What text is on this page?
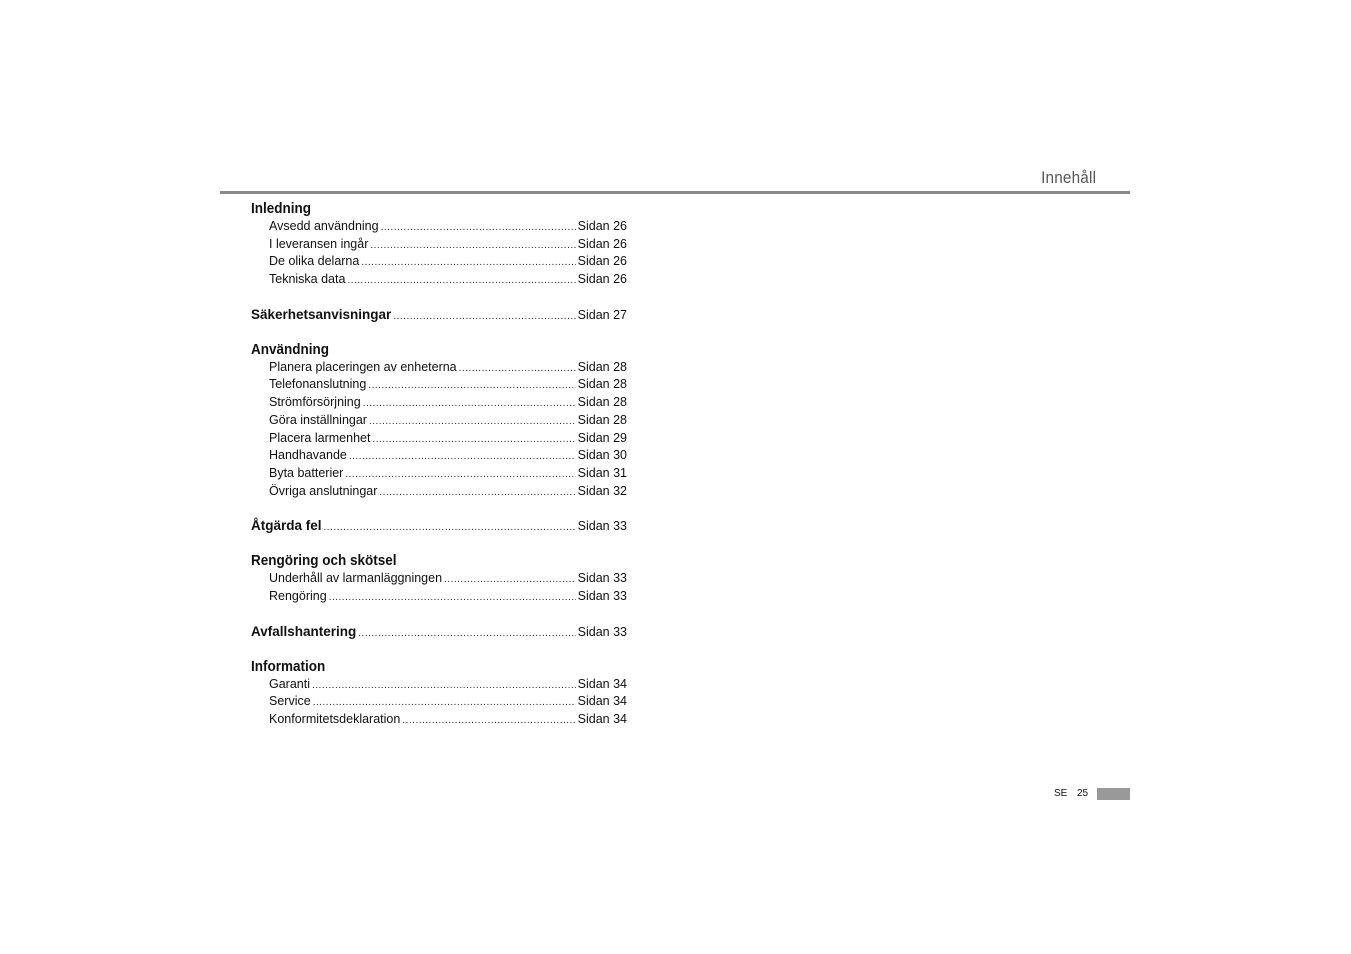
Innehåll
Inledning
Avsedd användning .....	Sidan 26
I leveransen ingår .....	Sidan 26
De olika delarna .....	Sidan 26
Tekniska data .....	Sidan 26
Säkerhetsanvisningar .....	Sidan 27
Användning
Planera placeringen av enheterna .....	Sidan 28
Telefonanslutning .....	Sidan 28
Strömförsörjning .....	Sidan 28
Göra inställningar .....	Sidan 28
Placera larmenhet .....	Sidan 29
Handhavande .....	Sidan 30
Byta batterier .....	Sidan 31
Övriga anslutningar .....	Sidan 32
Åtgärda fel .....	Sidan 33
Rengöring och skötsel
Underhåll av larmanläggningen .....	Sidan 33
Rengöring .....	Sidan 33
Avfallshantering .....	Sidan 33
Information
Garanti .....	Sidan 34
Service .....	Sidan 34
Konformitetsdeklaration .....	Sidan 34
SE 25
